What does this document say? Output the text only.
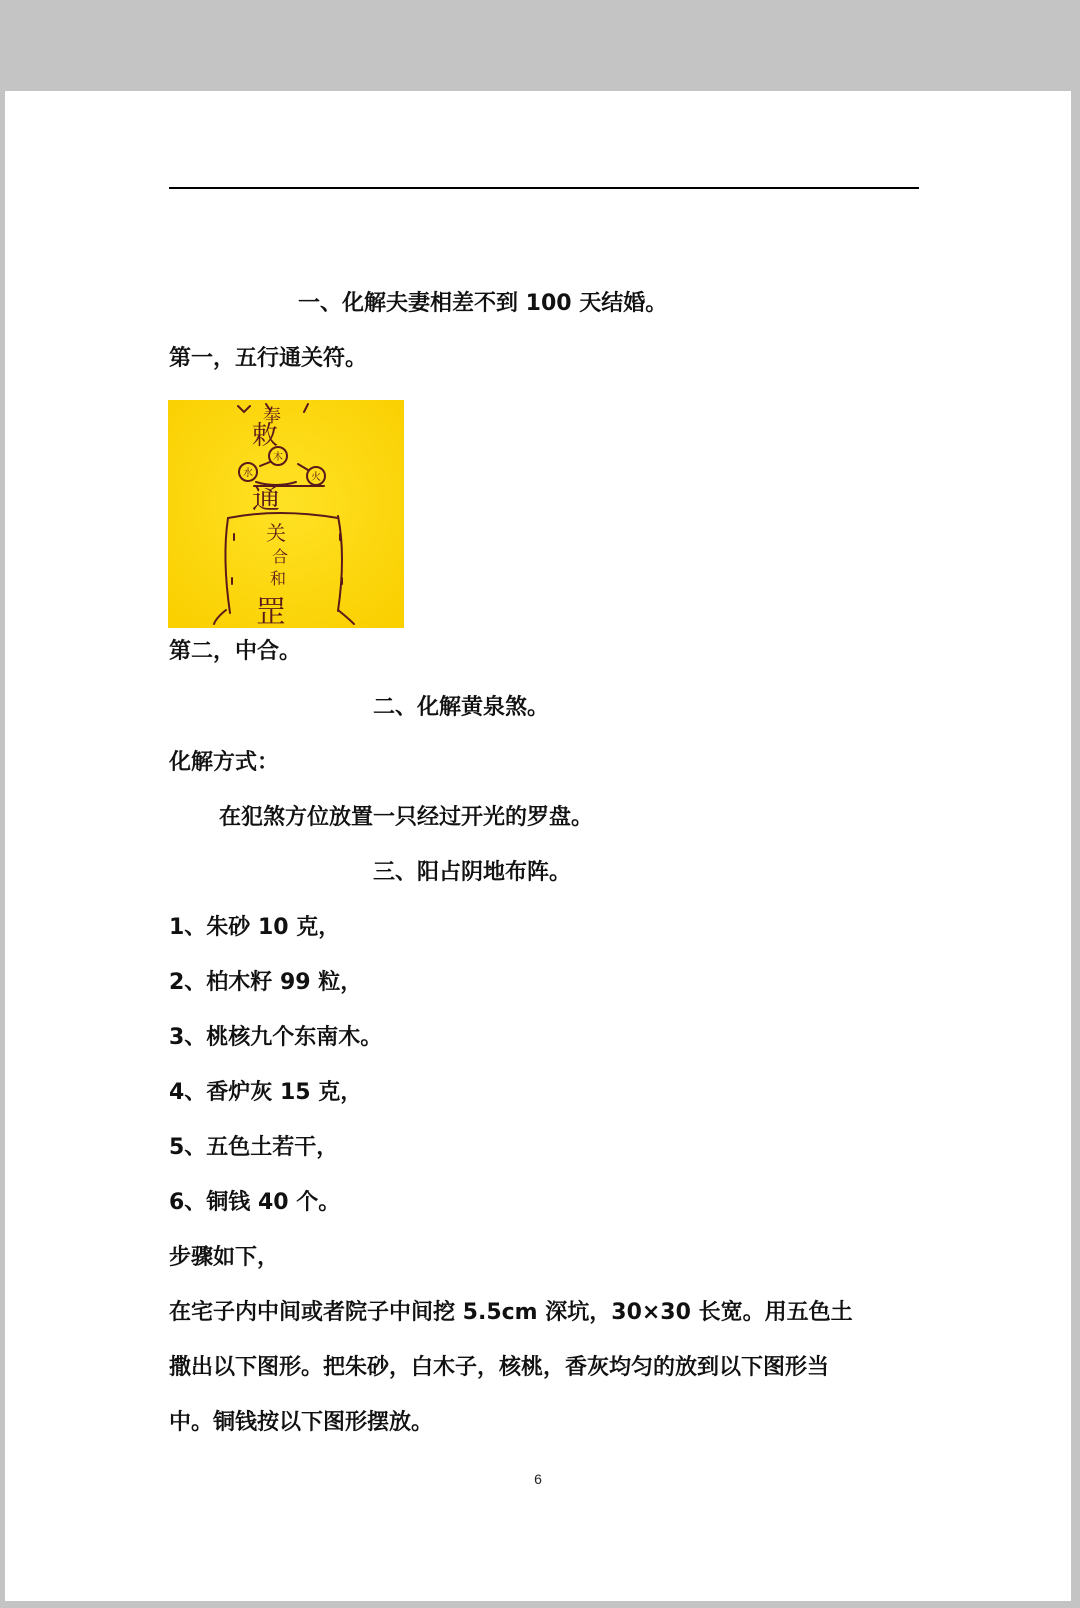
一、化解夫妻相差不到 100 天结婚。
第一，五行通关符。
奉
敕
木
水	火
通
关
合
和
罡
第二，中合。
二、化解黄泉煞。
化解方式：
在犯煞方位放置一只经过开光的罗盘。
三、阳占阴地布阵。
1、朱砂 10 克，
2、柏木籽 99 粒，
3、桃核九个东南木。
4、香炉灰 15 克，
5、五色土若干，
6、铜钱 40 个。
步骤如下，
在宅子内中间或者院子中间挖 5.5cm 深坑，30×30 长宽。用五色土
撒出以下图形。把朱砂，白木子，核桃，香灰均匀的放到以下图形当
中。铜钱按以下图形摆放。
6
